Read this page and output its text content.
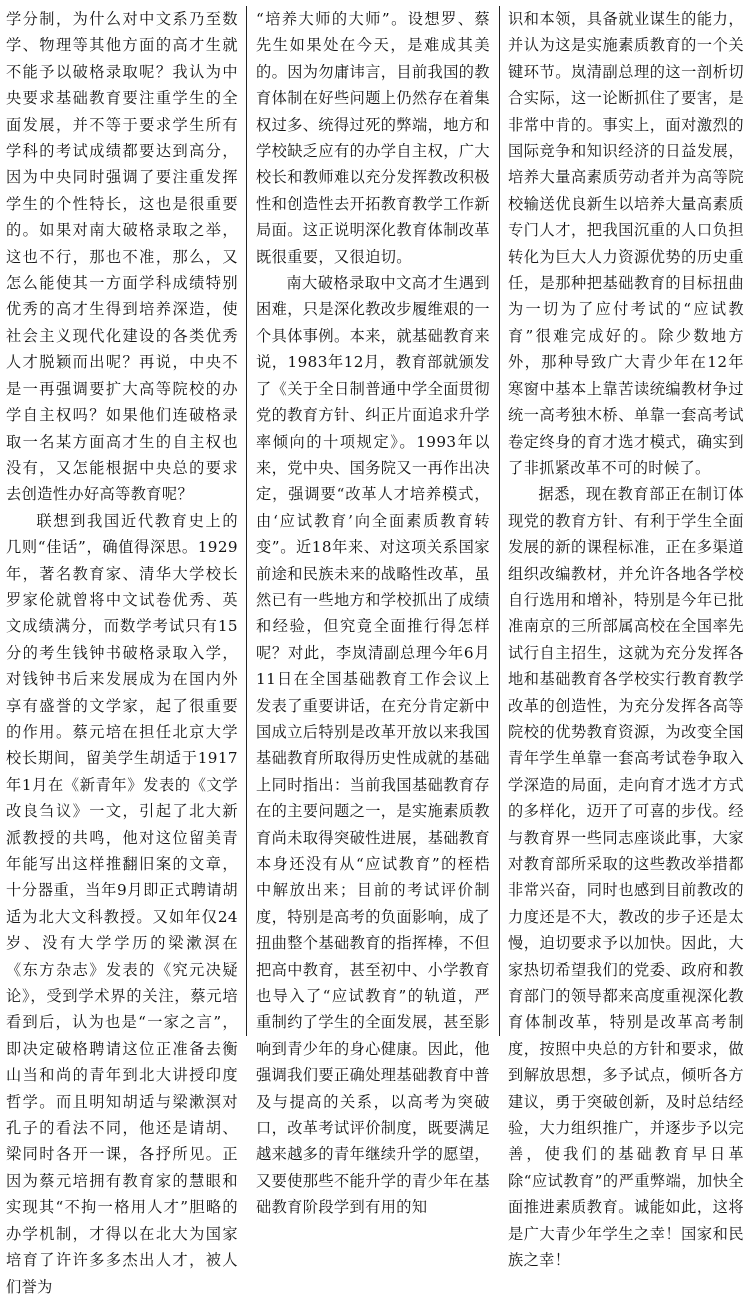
学分制，为什么对中文系乃至数学、物理等其他方面的高才生就不能予以破格录取呢？我认为中央要求基础教育要注重学生的全面发展，并不等于要求学生所有学科的考试成绩都要达到高分，因为中央同时强调了要注重发挥学生的个性特长，这也是很重要的。如果对南大破格录取之举，这也不行，那也不准，那么，又怎么能使其一方面学科成绩特别优秀的高才生得到培养深造，使社会主义现代化建设的各类优秀人才脱颖而出呢？再说，中央不是一再强调要扩大高等院校的办学自主权吗？如果他们连破格录取一名某方面高才生的自主权也没有，又怎能根据中央总的要求去创造性办好高等教育呢？

联想到我国近代教育史上的几则“佳话”，确值得深思。1929年，著名教育家、清华大学校长罗家伦就曾将中文试卷优秀、英文成绩满分，而数学考试只有15分的考生钱钟书破格录取入学，对钱钟书后来发展成为在国内外享有盛誉的文学家，起了很重要的作用。蔡元培在担任北京大学校长期间，留美学生胡适于1917年1月在《新青年》发表的《文学改良刍议》一文，引起了北大新派教授的共鸣，他对这位留美青年能写出这样推翻旧案的文章，十分器重，当年9月即正式聘请胡适为北大文科教授。又如年仅24岁、没有大学学历的梁漱溟在《东方杂志》发表的《究元决疑论》，受到学术界的关注，蔡元培看到后，认为也是“一家之言”，即决定破格聘请这位正准备去衡山当和尚的青年到北大讲授印度哲学。而且明知胡适与梁漱溟对孔子的看法不同，他还是请胡、梁同时各开一课，各抒所见。正因为蔡元培拥有教育家的慧眼和实现其“不拘一格用人才”胆略的办学机制，才得以在北大为国家培育了许许多多杰出人才，被人们誉为

“培养大师的大师”。设想罗、蔡先生如果处在今天，是难成其美的。因为勿庸讳言，目前我国的教育体制在好些问题上仍然存在着集权过多、统得过死的弊端，地方和学校缺乏应有的办学自主权，广大校长和教师难以充分发挥教改积极性和创造性去开拓教育教学工作新局面。这正说明深化教育体制改革既很重要，又很迫切。

南大破格录取中文高才生遇到困难，只是深化教改步履维艰的一个具体事例。本来，就基础教育来说，1983年12月，教育部就颁发了《关于全日制普通中学全面贯彻党的教育方针、纠正片面追求升学率倾向的十项规定》。1993年以来，党中央、国务院又一再作出决定，强调要“改革人才培养模式，由‘应试教育’向全面素质教育转变”。近18年来、对这项关系国家前途和民族未来的战略性改革，虽然已有一些地方和学校抓出了成绩和经验，但究竟全面推行得怎样呢？对此，李岚清副总理今年6月11日在全国基础教育工作会议上发表了重要讲话，在充分肯定新中国成立后特别是改革开放以来我国基础教育所取得历史性成就的基础上同时指出：当前我国基础教育存在的主要问题之一，是实施素质教育尚未取得突破性进展，基础教育本身还没有从“应试教育”的桎梏中解放出来；目前的考试评价制度，特别是高考的负面影响，成了扭曲整个基础教育的指挥棒，不但把高中教育，甚至初中、小学教育也导入了“应试教育”的轨道，严重制约了学生的全面发展，甚至影响到青少年的身心健康。因此，他强调我们要正确处理基础教育中普及与提高的关系，以高考为突破口，改革考试评价制度，既要满足越来越多的青年继续升学的愿望，又要使那些不能升学的青少年在基础教育阶段学到有用的知

识和本领，具备就业谋生的能力，并认为这是实施素质教育的一个关键环节。岚清副总理的这一剖析切合实际，这一论断抓住了要害，是非常中肯的。事实上，面对激烈的国际竞争和知识经济的日益发展，培养大量高素质劳动者并为高等院校输送优良新生以培养大量高素质专门人才，把我国沉重的人口负担转化为巨大人力资源优势的历史重任，是那种把基础教育的目标扭曲为一切为了应付考试的“应试教育”很难完成好的。除少数地方外，那种导致广大青少年在12年寒窗中基本上靠苦读统编教材争过统一高考独木桥、单靠一套高考试卷定终身的育才选才模式，确实到了非抓紧改革不可的时候了。

据悉，现在教育部正在制订体现党的教育方针、有利于学生全面发展的新的课程标准，正在多渠道组织改编教材，并允许各地各学校自行选用和增补，特别是今年已批准南京的三所部属高校在全国率先试行自主招生，这就为充分发挥各地和基础教育各学校实行教育教学改革的创造性，为充分发挥各高等院校的优势教育资源，为改变全国青年学生单靠一套高考试卷争取入学深造的局面，走向育才选才方式的多样化，迈开了可喜的步伐。经与教育界一些同志座谈此事，大家对教育部所采取的这些教改举措都非常兴奋，同时也感到目前教改的力度还是不大，教改的步子还是太慢，迫切要求予以加快。因此，大家热切希望我们的党委、政府和教育部门的领导都来高度重视深化教育体制改革，特别是改革高考制度，按照中央总的方针和要求，做到解放思想，多予试点，倾听各方建议，勇于突破创新，及时总结经验，大力组织推广，并逐步予以完善，使我们的基础教育早日革除“应试教育”的严重弊端，加快全面推进素质教育。诚能如此，这将是广大青少年学生之幸！国家和民族之幸！
